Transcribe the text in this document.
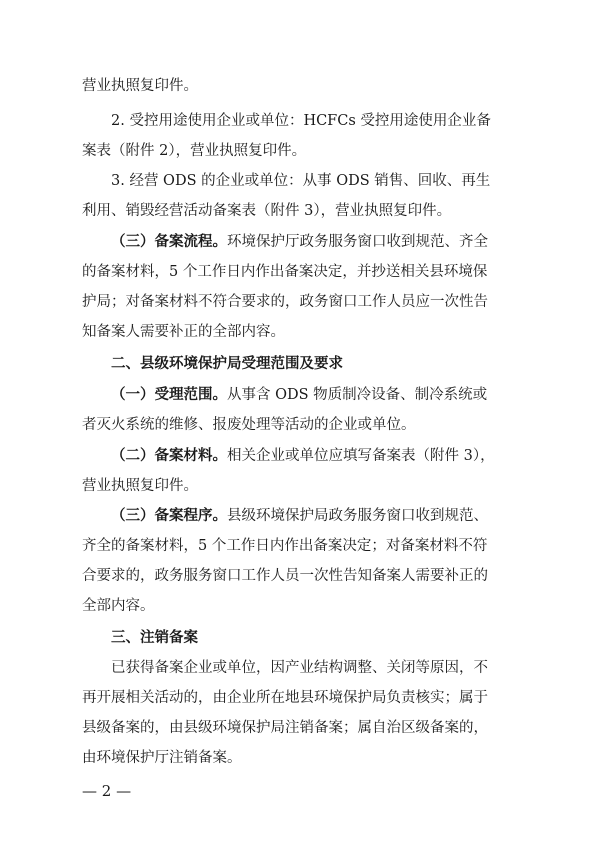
营业执照复印件。
2. 受控用途使用企业或单位：HCFCs 受控用途使用企业备
案表（附件 2），营业执照复印件。
3. 经营 ODS 的企业或单位：从事 ODS 销售、回收、再生
利用、销毁经营活动备案表（附件 3），营业执照复印件。
（三）备案流程。环境保护厅政务服务窗口收到规范、齐全
的备案材料，5 个工作日内作出备案决定，并抄送相关县环境保
护局；对备案材料不符合要求的，政务窗口工作人员应一次性告
知备案人需要补正的全部内容。
二、县级环境保护局受理范围及要求
（一）受理范围。从事含 ODS 物质制冷设备、制冷系统或
者灭火系统的维修、报废处理等活动的企业或单位。
（二）备案材料。相关企业或单位应填写备案表（附件 3），
营业执照复印件。
（三）备案程序。县级环境保护局政务服务窗口收到规范、
齐全的备案材料，5 个工作日内作出备案决定；对备案材料不符
合要求的，政务服务窗口工作人员一次性告知备案人需要补正的
全部内容。
三、注销备案
已获得备案企业或单位，因产业结构调整、关闭等原因，不
再开展相关活动的，由企业所在地县环境保护局负责核实；属于
县级备案的，由县级环境保护局注销备案；属自治区级备案的，
由环境保护厅注销备案。
— 2 —
